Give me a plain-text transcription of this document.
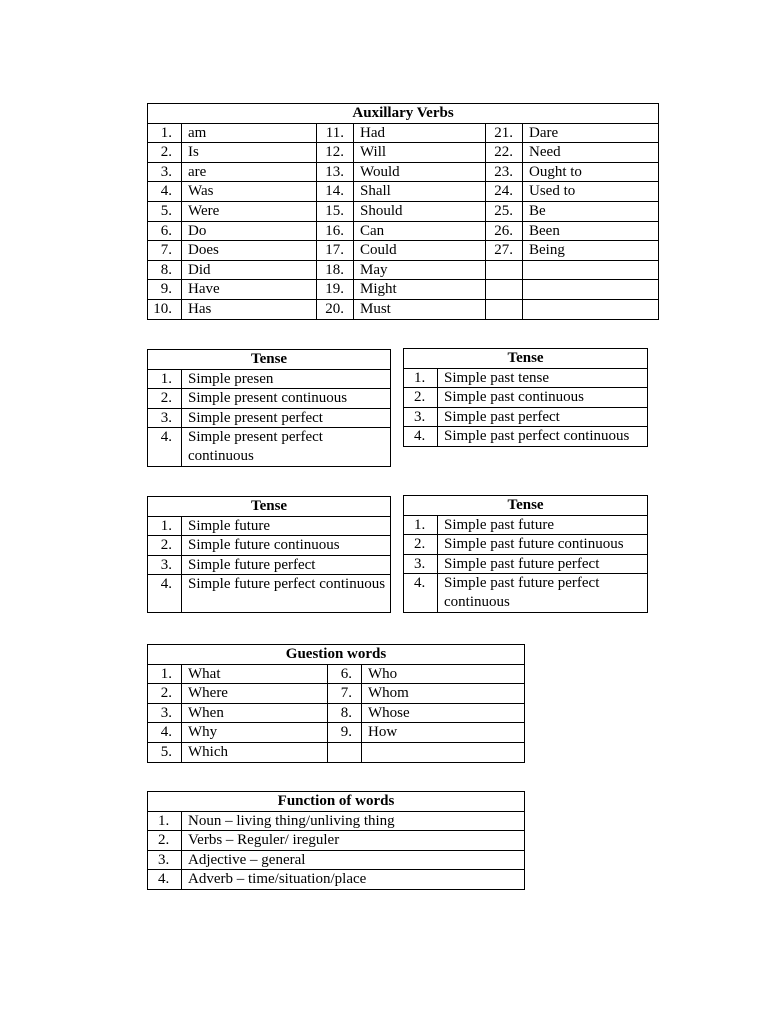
Auxillary Verbs					
1.	am	11.	Had	21.	Dare
2.	Is	12.	Will	22.	Need
3.	are	13.	Would	23.	Ought to
4.	Was	14.	Shall	24.	Used to
5.	Were	15.	Should	25.	Be
6.	Do	16.	Can	26.	Been
7.	Does	17.	Could	27.	Being
8.	Did	18.	May		
9.	Have	19.	Might		
10.	Has	20.	Must		
Tense	
1.	Simple presen
2.	Simple present continuous
3.	Simple present perfect
4.	Simple present perfect continuous
Tense	
1.	Simple past tense
2.	Simple past continuous
3.	Simple past perfect
4.	Simple past perfect continuous
Tense	
1.	Simple future
2.	Simple future continuous
3.	Simple future perfect
4.	Simple future perfect continuous
Tense	
1.	Simple past future
2.	Simple past future continuous
3.	Simple past future perfect
4.	Simple past future perfect continuous
Guestion words			
1.	What	6.	Who
2.	Where	7.	Whom
3.	When	8.	Whose
4.	Why	9.	How
5.	Which		
Function of words	
1.	Noun – living thing/unliving thing
2.	Verbs – Reguler/ ireguler
3.	Adjective – general
4.	Adverb – time/situation/place
